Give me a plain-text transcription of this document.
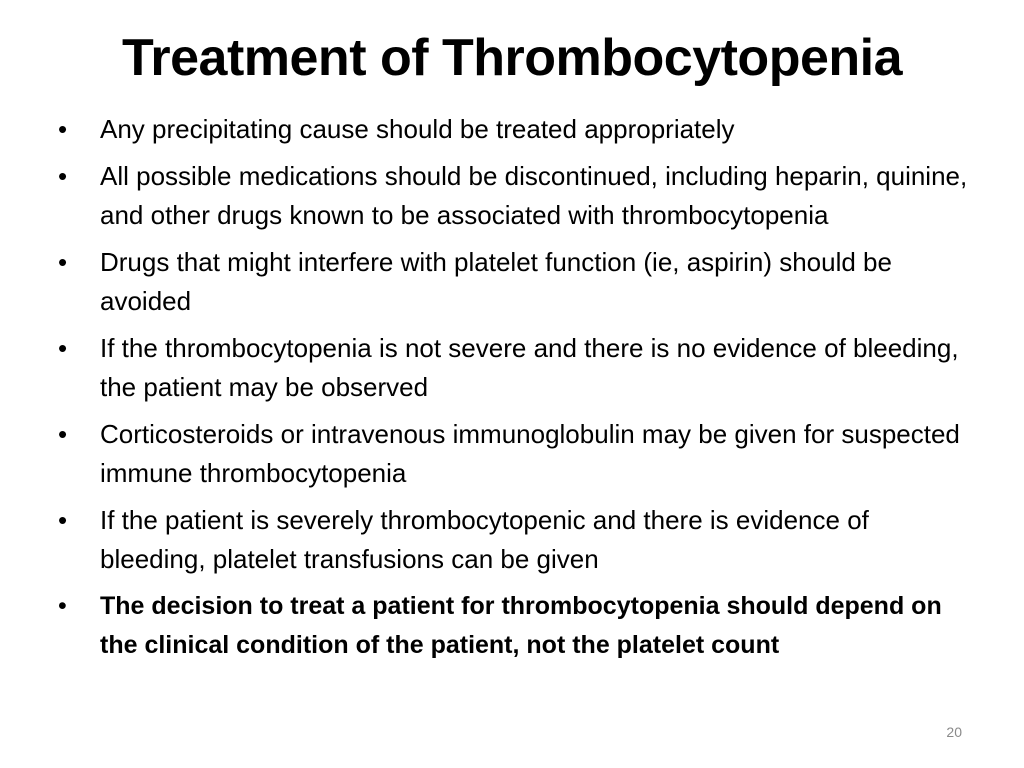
Treatment of Thrombocytopenia
• Any precipitating cause should be treated appropriately
• All possible medications should be discontinued, including heparin, quinine, and other drugs known to be associated with thrombocytopenia
• Drugs that might interfere with platelet function (ie, aspirin) should be avoided
• If the thrombocytopenia is not severe and there is no evidence of bleeding, the patient may be observed
• Corticosteroids or intravenous immunoglobulin may be given for suspected immune thrombocytopenia
• If the patient is severely thrombocytopenic and there is evidence of bleeding, platelet transfusions can be given
• The decision to treat a patient for thrombocytopenia should depend on the clinical condition of the patient, not the platelet count
20
